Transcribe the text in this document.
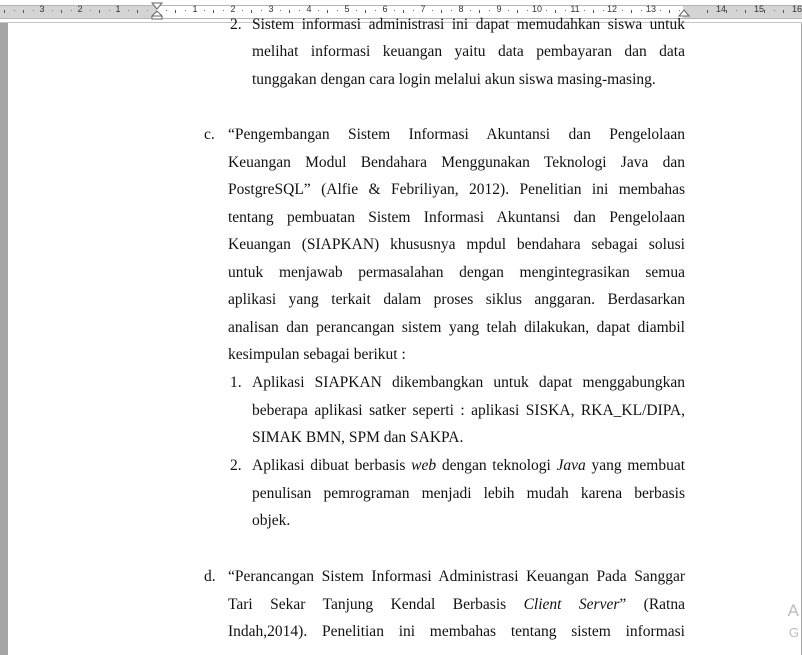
3	2	1	1	2	3	4	5	6	7	8	9	10	11	12	13	14	15	16
2. Sistem informasi administrasi ini dapat memudahkan siswa untuk
melihat informasi keuangan yaitu data pembayaran dan data
tunggakan dengan cara login melalui akun siswa masing-masing.
c. “Pengembangan Sistem Informasi Akuntansi dan Pengelolaan
Keuangan Modul Bendahara Menggunakan Teknologi Java dan
PostgreSQL” (Alfie & Febriliyan, 2012). Penelitian ini membahas
tentang pembuatan Sistem Informasi Akuntansi dan Pengelolaan
Keuangan (SIAPKAN) khususnya mpdul bendahara sebagai solusi
untuk menjawab permasalahan dengan mengintegrasikan semua
aplikasi yang terkait dalam proses siklus anggaran. Berdasarkan
analisan dan perancangan sistem yang telah dilakukan, dapat diambil
kesimpulan sebagai berikut :
1. Aplikasi SIAPKAN dikembangkan untuk dapat menggabungkan
beberapa aplikasi satker seperti : aplikasi SISKA, RKA_KL/DIPA,
SIMAK BMN, SPM dan SAKPA.
2. Aplikasi dibuat berbasis web dengan teknologi Java yang membuat
penulisan pemrograman menjadi lebih mudah karena berbasis
objek.
d. “Perancangan Sistem Informasi Administrasi Keuangan Pada Sanggar
Tari Sekar Tanjung Kendal Berbasis Client Server” (Ratna
Indah,2014). Penelitian ini membahas tentang sistem informasi
A
G
